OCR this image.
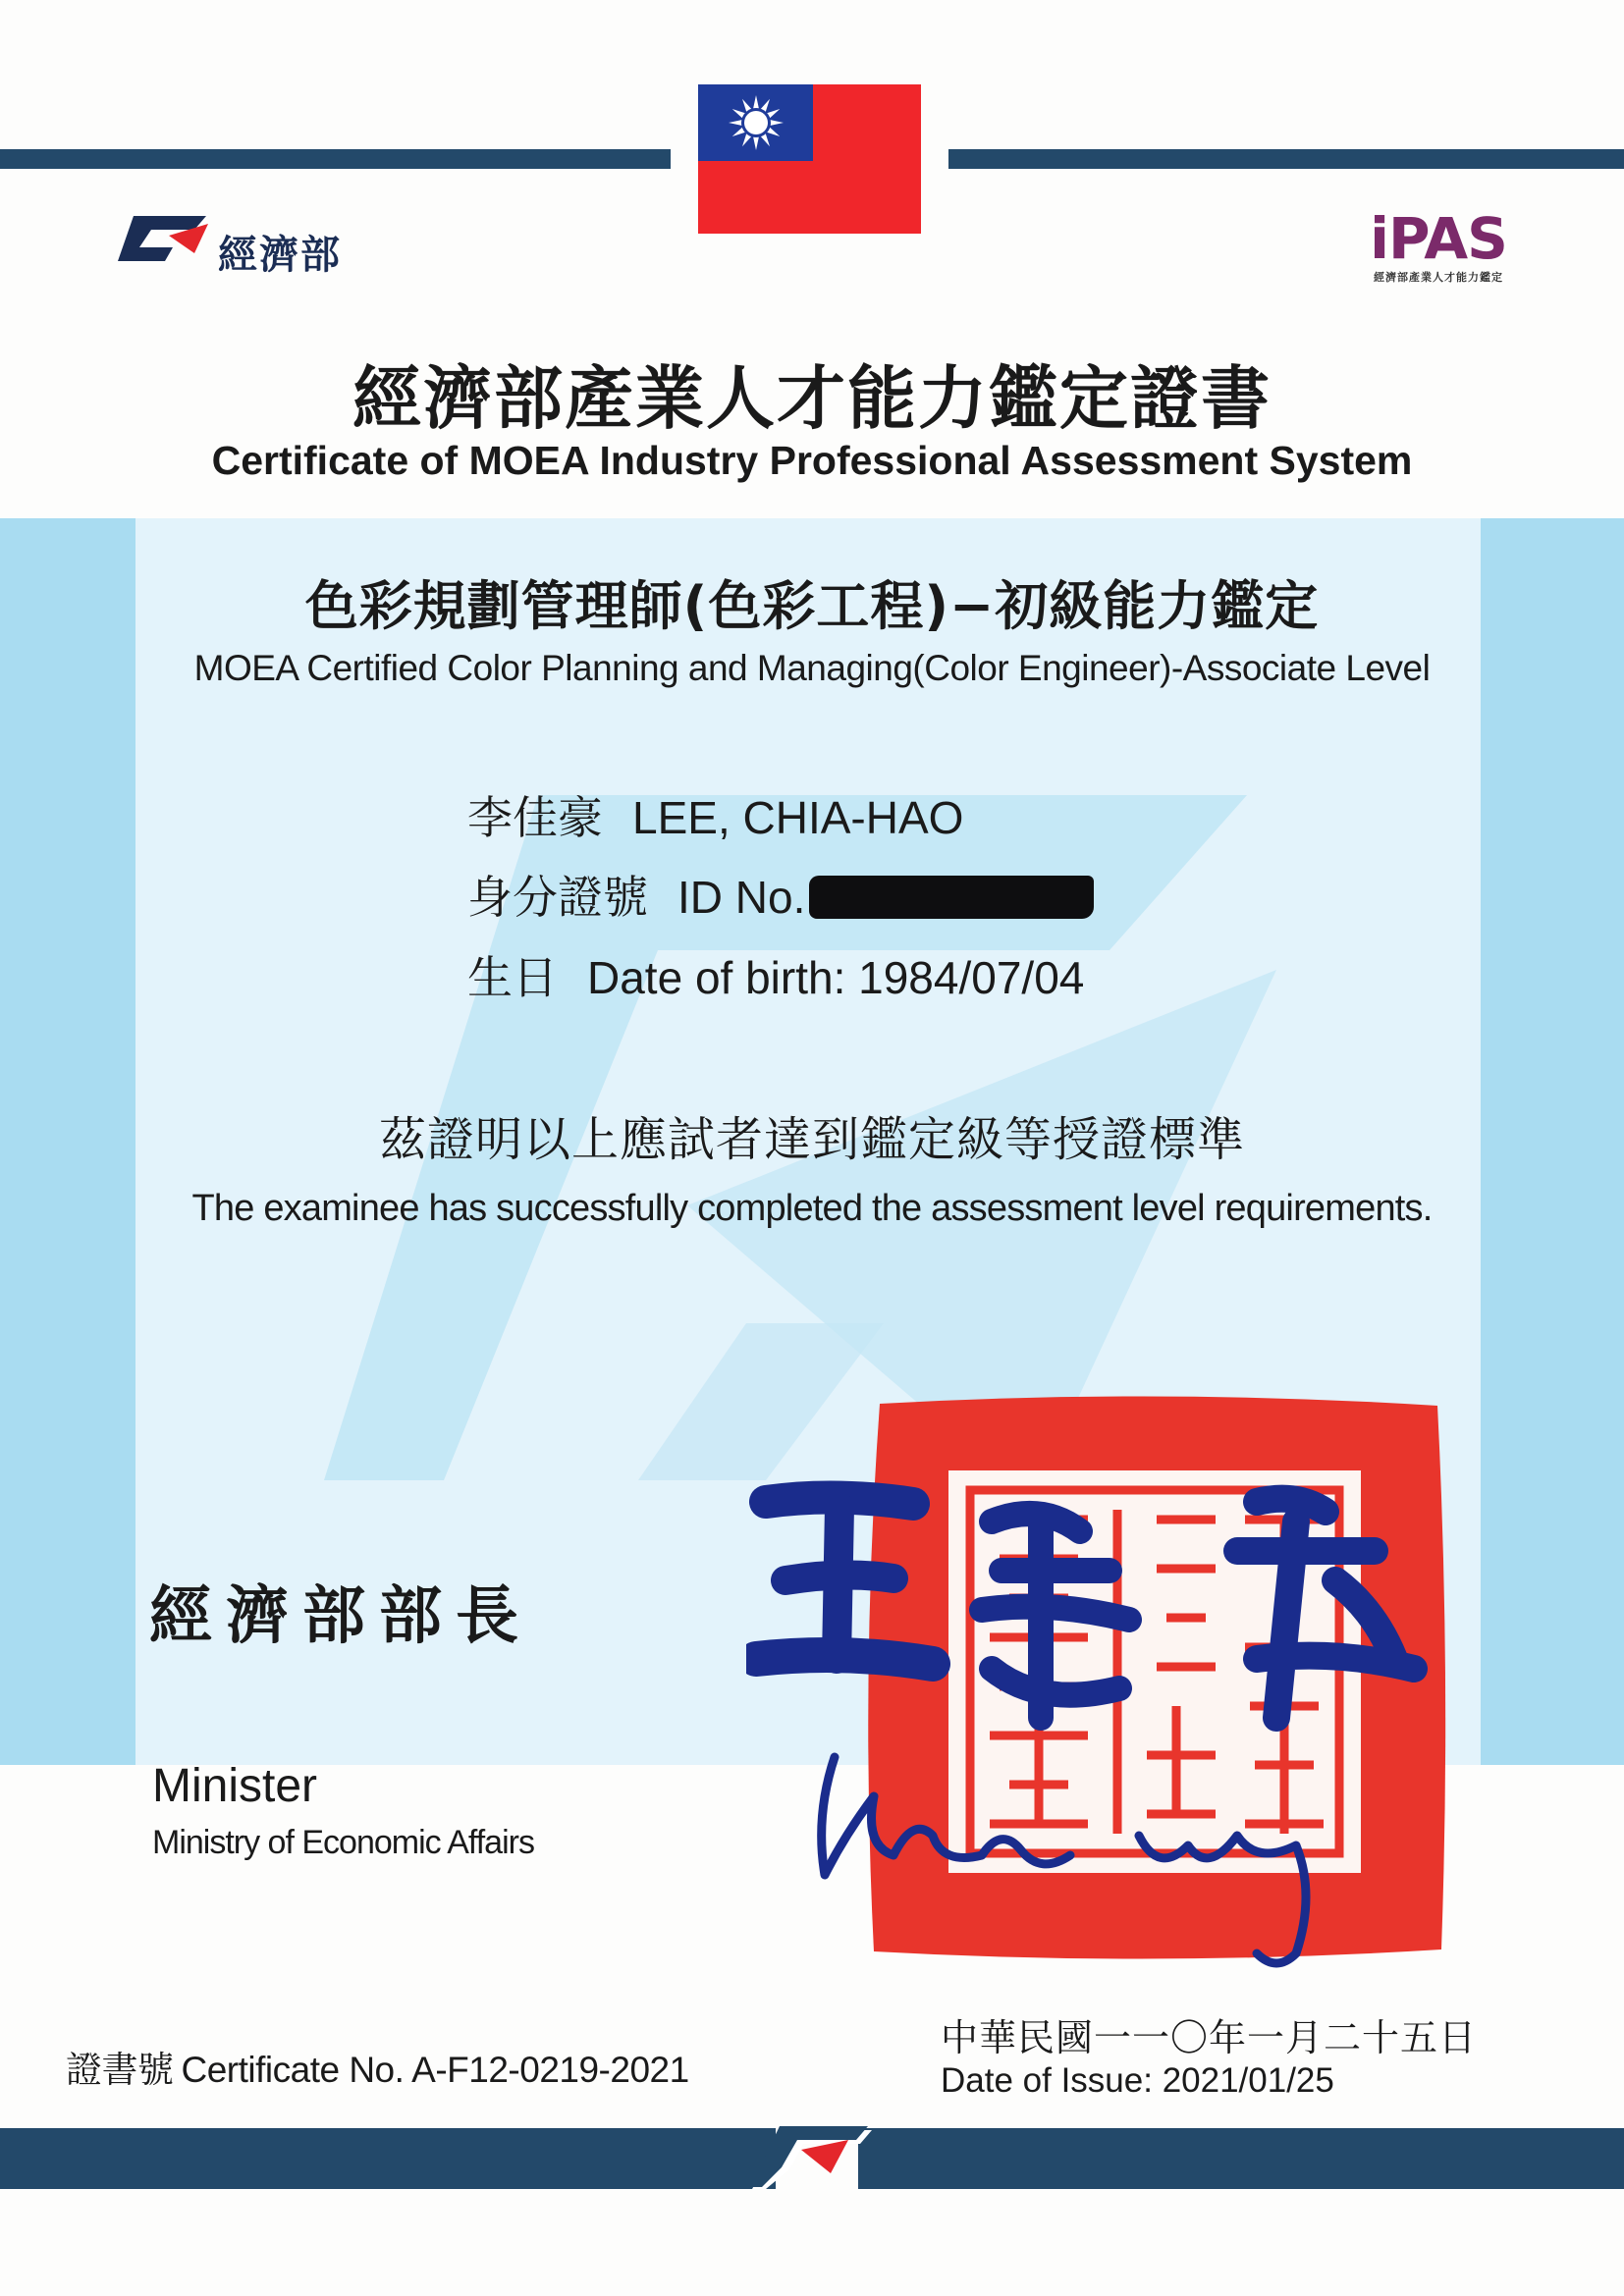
經濟部	iPAS
經濟部產業人才能力鑑定
經濟部產業人才能力鑑定證書
Certificate of MOEA Industry Professional Assessment System
色彩規劃管理師(色彩工程)−初級能力鑑定
MOEA Certified Color Planning and Managing(Color Engineer)-Associate Level
李佳豪 LEE, CHIA-HAO
身分證號 ID No.
生日 Date of birth: 1984/07/04
茲證明以上應試者達到鑑定級等授證標準
The examinee has successfully completed the assessment level requirements.
經濟部部長
Minister
Ministry of Economic Affairs
證書號 Certificate No. A-F12-0219-2021
中華民國一一〇年一月二十五日
Date of Issue: 2021/01/25
